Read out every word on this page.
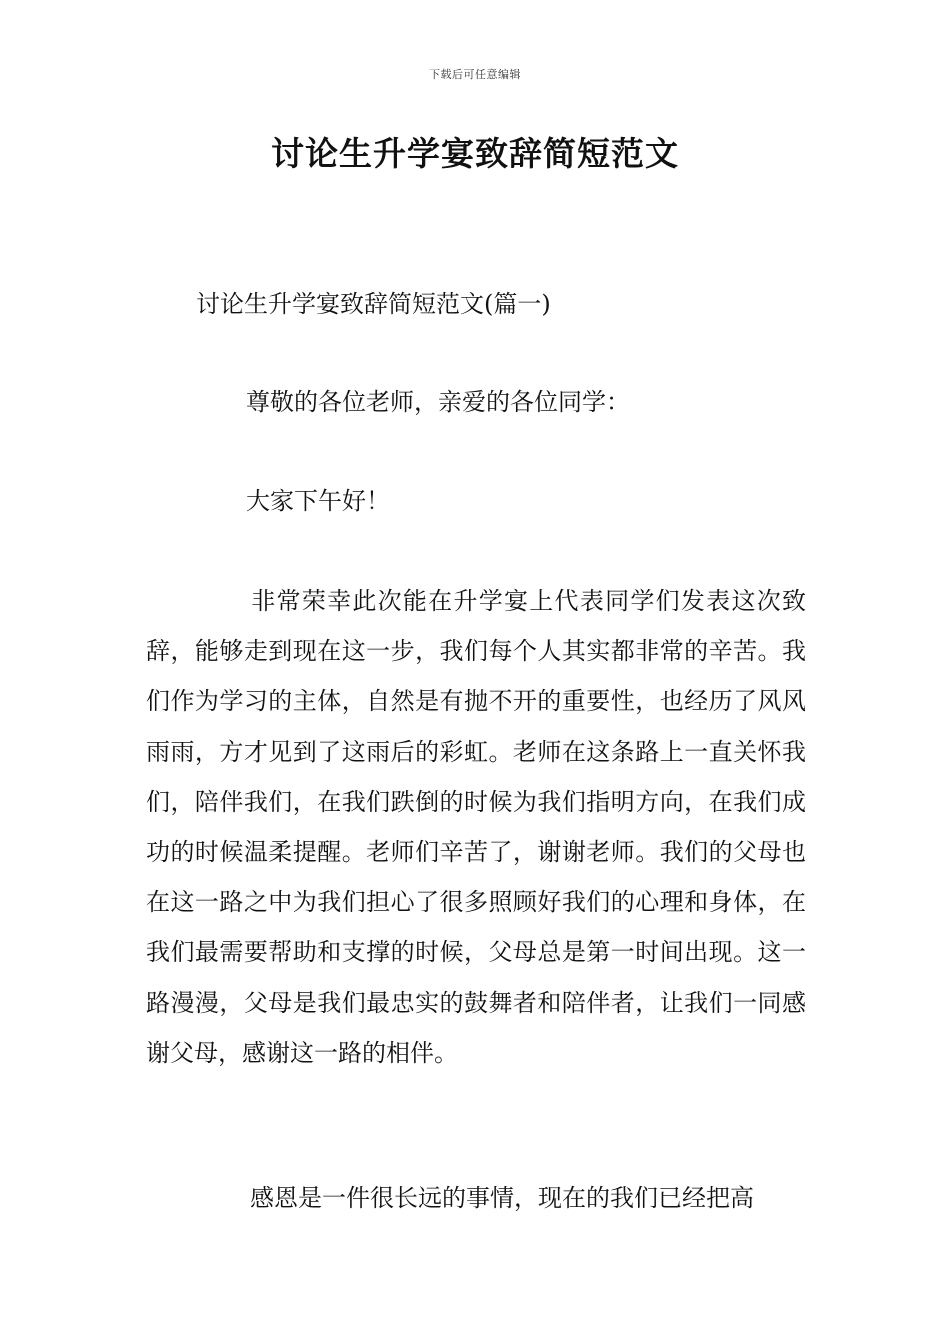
下载后可任意编辑
讨论生升学宴致辞简短范文
讨论生升学宴致辞简短范文(篇一)
尊敬的各位老师，亲爱的各位同学：
大家下午好！

非常荣幸此次能在升学宴上代表同学们发表这次致辞，能够走到现在这一步，我们每个人其实都非常的辛苦。我们作为学习的主体，自然是有抛不开的重要性，也经历了风风雨雨，方才见到了这雨后的彩虹。老师在这条路上一直关怀我们，陪伴我们，在我们跌倒的时候为我们指明方向，在我们成功的时候温柔提醒。老师们辛苦了，谢谢老师。我们的父母也在这一路之中为我们担心了很多照顾好我们的心理和身体，在我们最需要帮助和支撑的时候，父母总是第一时间出现。这一路漫漫，父母是我们最忠实的鼓舞者和陪伴者，让我们一同感谢父母，感谢这一路的相伴。

感恩是一件很长远的事情，现在的我们已经把高
